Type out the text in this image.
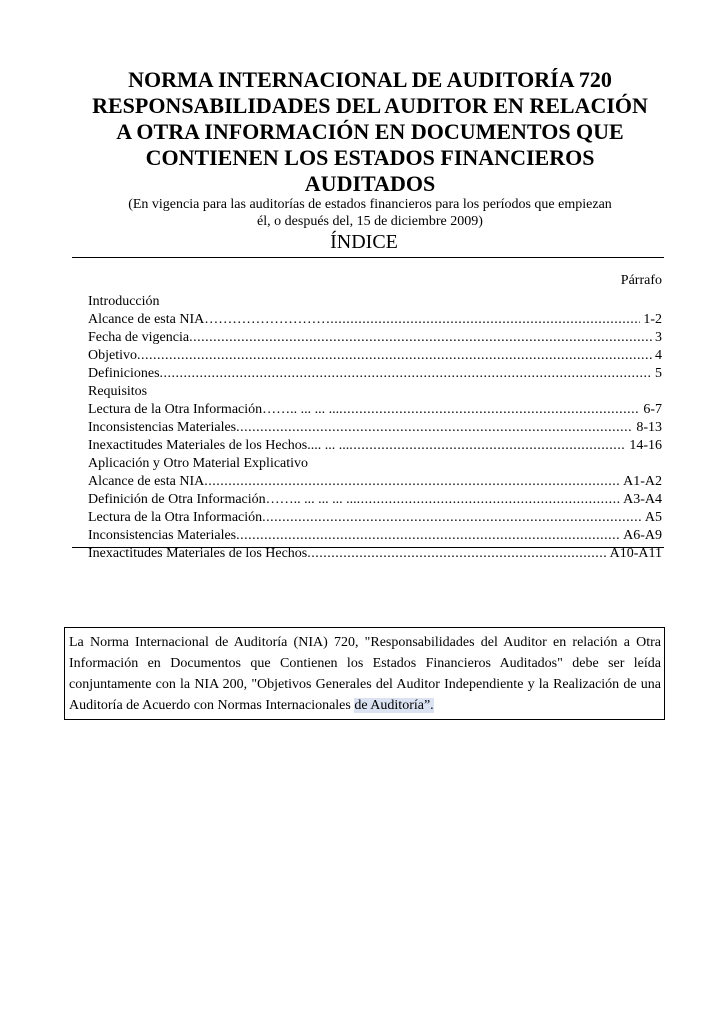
NORMA INTERNACIONAL DE AUDITORÍA 720
RESPONSABILIDADES DEL AUDITOR EN RELACIÓN
A OTRA INFORMACIÓN EN DOCUMENTOS QUE
CONTIENEN LOS ESTADOS FINANCIEROS
AUDITADOS
(En vigencia para las auditorías de estados financieros para los períodos que empiezan él, o después del, 15 de diciembre 2009)
ÍNDICE
Párrafo
Introducción
Alcance de esta NIA……………………… .....	1-2
Fecha de vigencia .....	3
Objetivo .....	4
Definiciones .....	5
Requisitos
Lectura de la Otra Información…….. ... ... ... .....	6-7
Inconsistencias Materiales .....	8-13
Inexactitudes Materiales de los Hechos.... ... ... .....	14-16
Aplicación y Otro Material Explicativo
Alcance de esta NIA .....	A1-A2
Definición de Otra Información…….. ... ... ... ... .....	A3-A4
Lectura de la Otra Información .....	A5
Inconsistencias Materiales .....	A6-A9
Inexactitudes Materiales de los Hechos .....	A10-A11
La Norma Internacional de Auditoría (NIA) 720, "Responsabilidades del Auditor en relación a Otra Información en Documentos que Contienen los Estados Financieros Auditados" debe ser leída conjuntamente con la NIA 200, "Objetivos Generales del Auditor Independiente y la Realización de una Auditoría de Acuerdo con Normas Internacionales de Auditoría”.
